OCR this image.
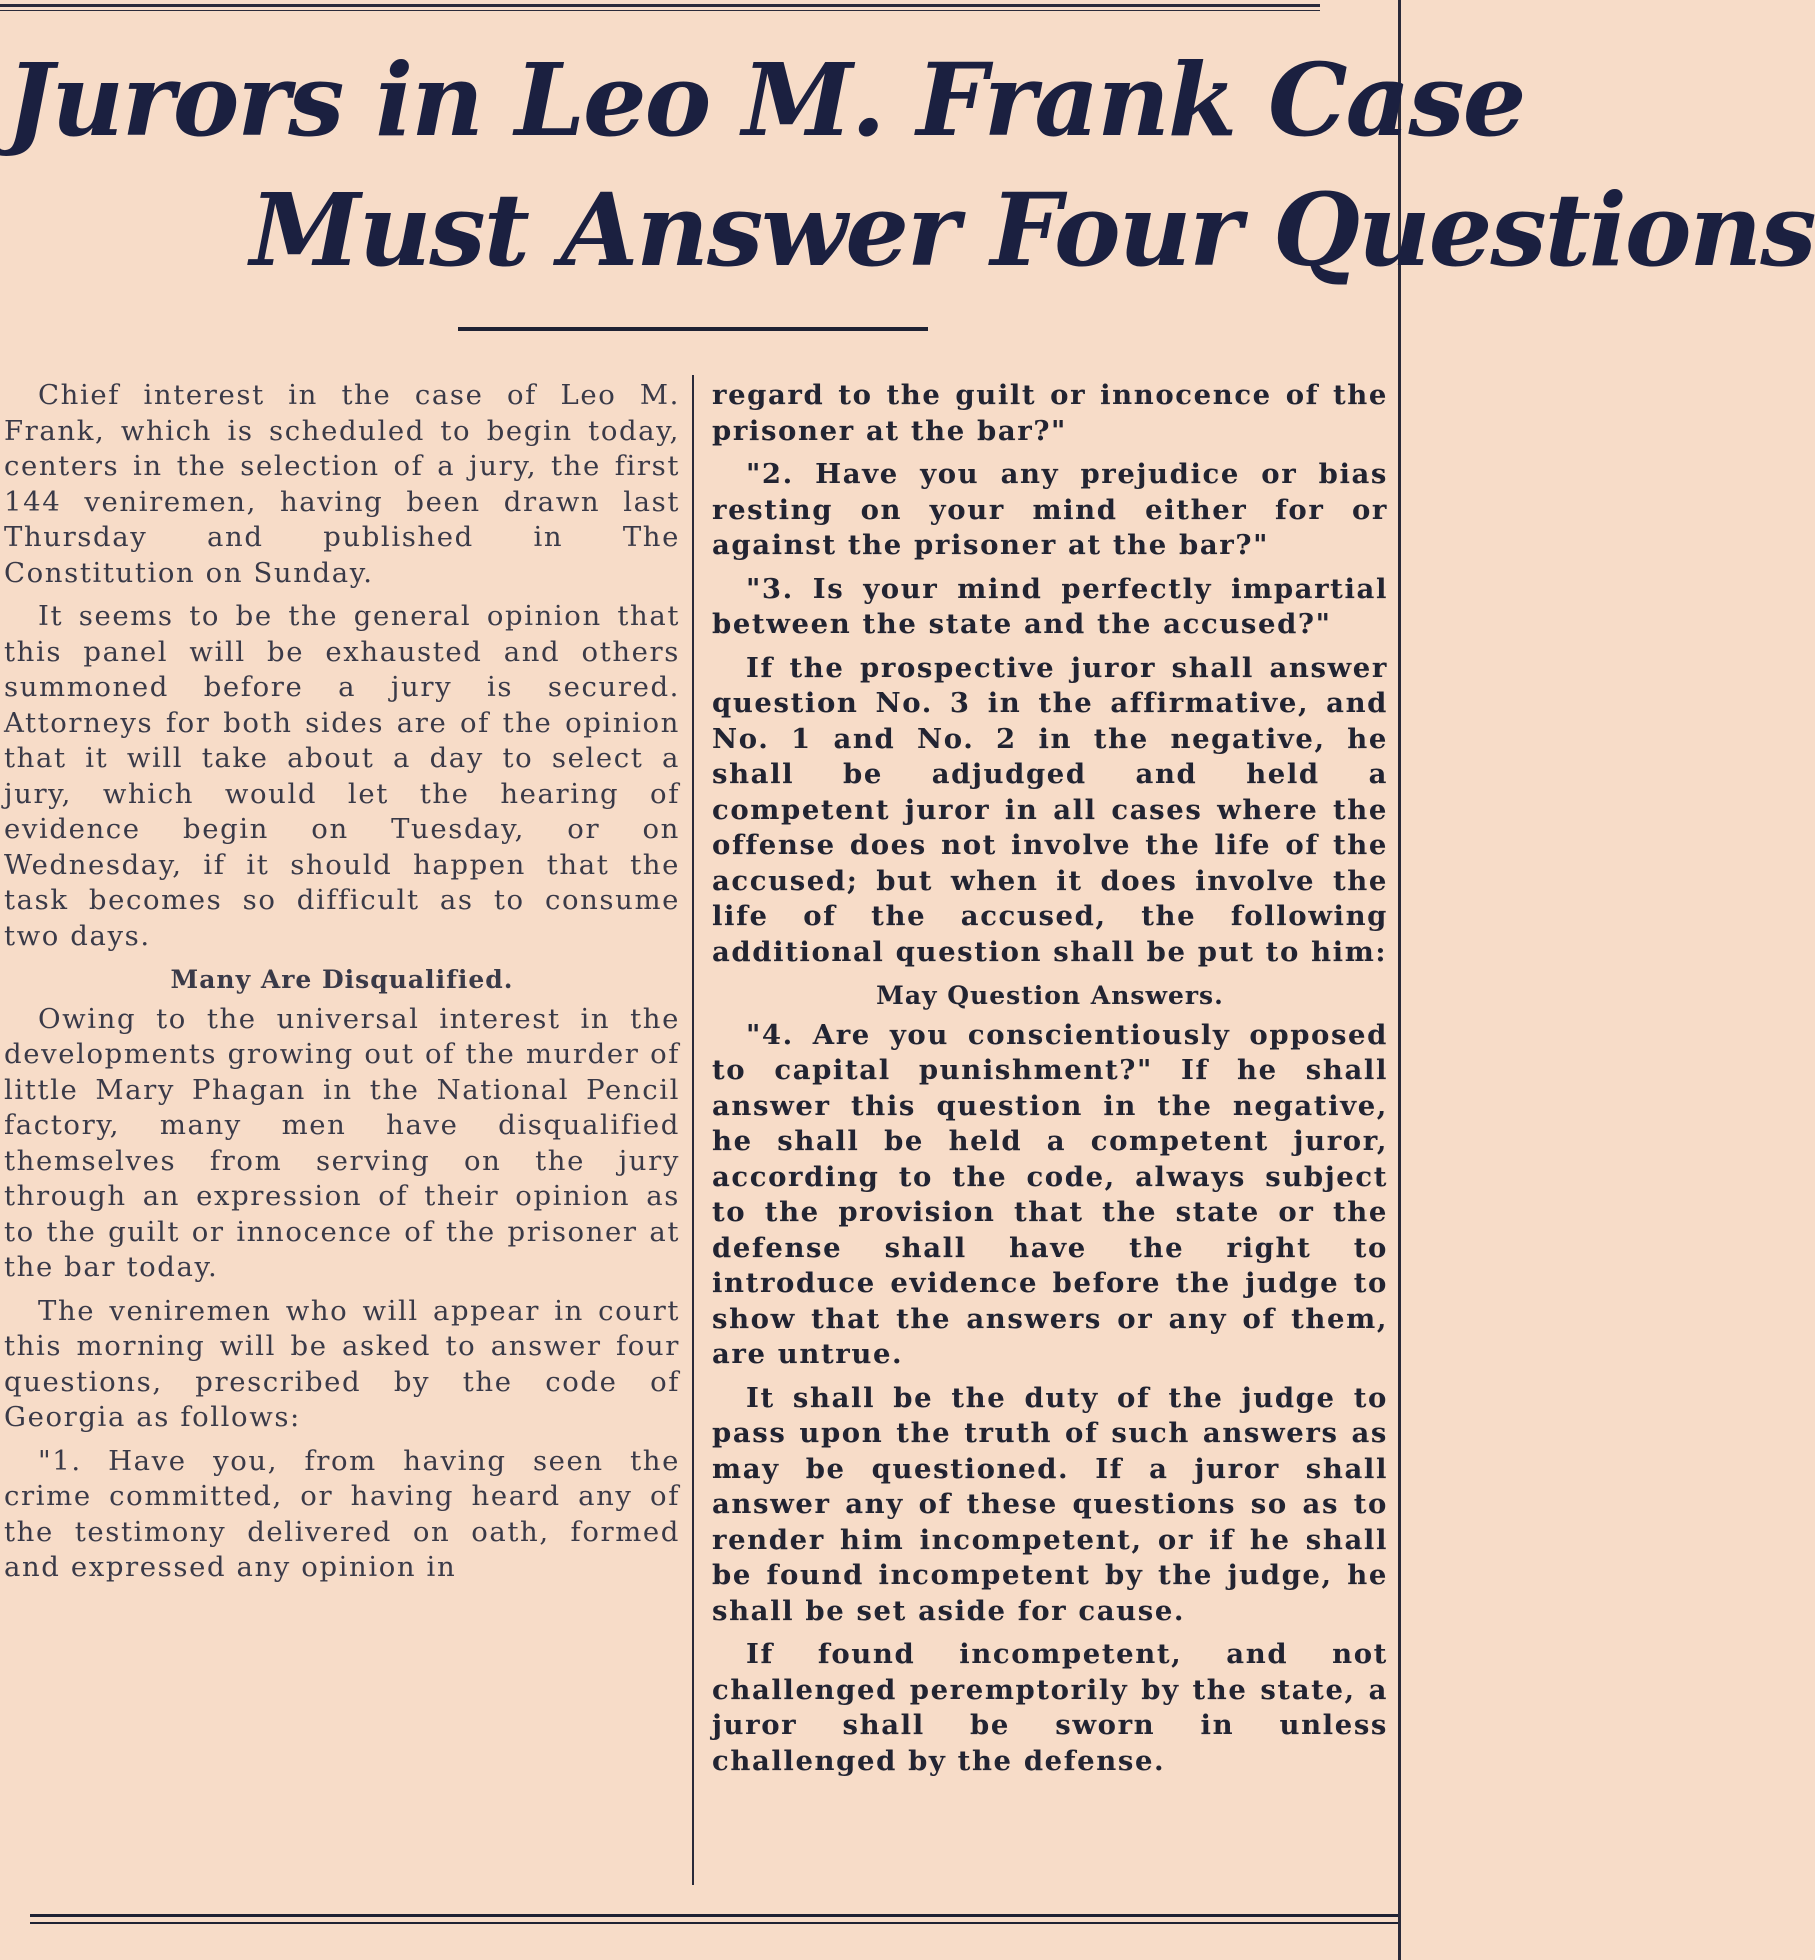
Jurors in Leo M. Frank Case
Must Answer Four Questions

Chief interest in the case of Leo M. Frank, which is scheduled to begin today, centers in the selection of a jury, the first 144 veniremen, having been drawn last Thursday and published in The Constitution on Sunday.

It seems to be the general opinion that this panel will be exhausted and others summoned before a jury is secured. Attorneys for both sides are of the opinion that it will take about a day to select a jury, which would let the hearing of evidence begin on Tuesday, or on Wednesday, if it should happen that the task becomes so difficult as to consume two days.

Many Are Disqualified.

Owing to the universal interest in the developments growing out of the murder of little Mary Phagan in the National Pencil factory, many men have disqualified themselves from serving on the jury through an expression of their opinion as to the guilt or innocence of the prisoner at the bar today.

The veniremen who will appear in court this morning will be asked to answer four questions, prescribed by the code of Georgia as follows:

"1. Have you, from having seen the crime committed, or having heard any of the testimony delivered on oath, formed and expressed any opinion in

regard to the guilt or innocence of the prisoner at the bar?"

"2. Have you any prejudice or bias resting on your mind either for or against the prisoner at the bar?"

"3. Is your mind perfectly impartial between the state and the accused?"

If the prospective juror shall answer question No. 3 in the affirmative, and No. 1 and No. 2 in the negative, he shall be adjudged and held a competent juror in all cases where the offense does not involve the life of the accused; but when it does involve the life of the accused, the following additional question shall be put to him:

May Question Answers.

"4. Are you conscientiously opposed to capital punishment?" If he shall answer this question in the negative, he shall be held a competent juror, according to the code, always subject to the provision that the state or the defense shall have the right to introduce evidence before the judge to show that the answers or any of them, are untrue.

It shall be the duty of the judge to pass upon the truth of such answers as may be questioned. If a juror shall answer any of these questions so as to render him incompetent, or if he shall be found incompetent by the judge, he shall be set aside for cause.

If found incompetent, and not challenged peremptorily by the state, a juror shall be sworn in unless challenged by the defense.
